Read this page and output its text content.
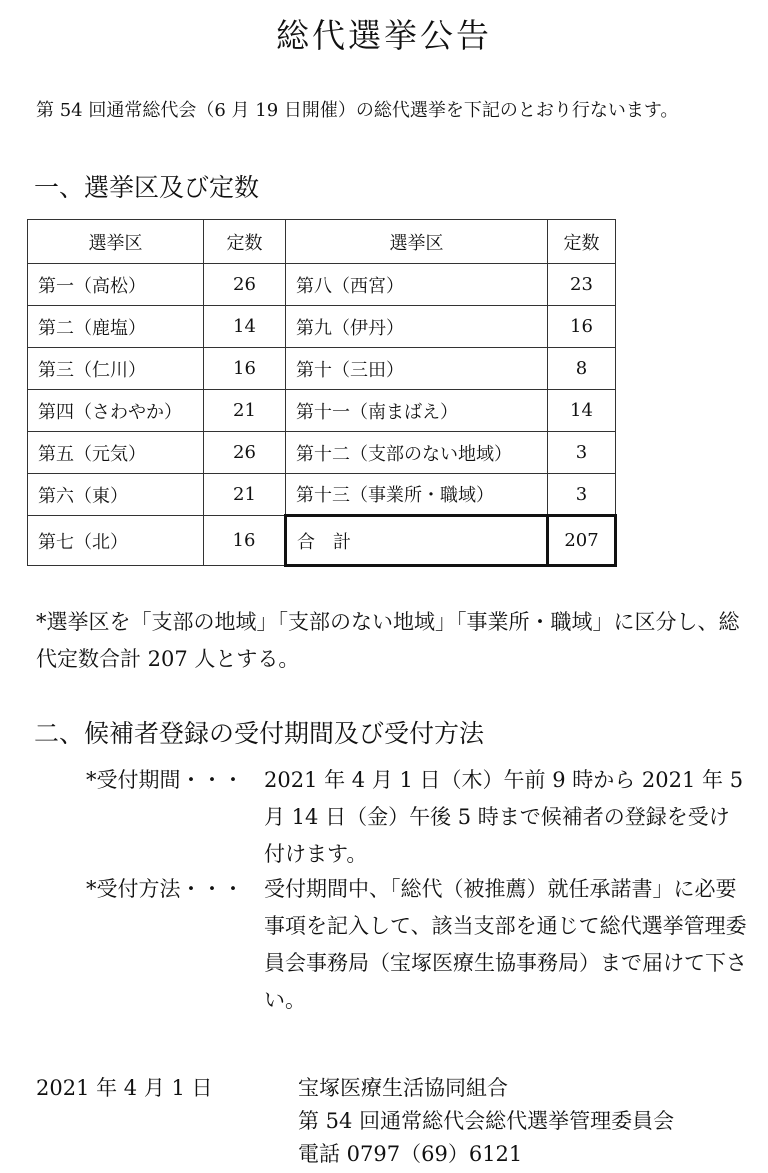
総代選挙公告
第 54 回通常総代会（6 月 19 日開催）の総代選挙を下記のとおり行ないます。
一、選挙区及び定数
選挙区	定数	選挙区	定数
第一（高松）	26	第八（西宮）	23
第二（鹿塩）	14	第九（伊丹）	16
第三（仁川）	16	第十（三田）	8
第四（さわやか）	21	第十一（南まばえ）	14
第五（元気）	26	第十二（支部のない地域）	3
第六（東）	21	第十三（事業所・職域）	3
第七（北）	16	合　計	207
*選挙区を「支部の地域」「支部のない地域」「事業所・職域」に区分し、総代定数合計 207 人とする。
二、候補者登録の受付期間及び受付方法
*受付期間・・・ 2021 年 4 月 1 日（木）午前 9 時から 2021 年 5 月 14 日（金）午後 5 時まで候補者の登録を受け付けます。
*受付方法・・・ 受付期間中、「総代（被推薦）就任承諾書」に必要事項を記入して、該当支部を通じて総代選挙管理委員会事務局（宝塚医療生協事務局）まで届けて下さい。
2021 年 4 月 1 日	宝塚医療生活協同組合
第 54 回通常総代会総代選挙管理委員会
電話 0797（69）6121
